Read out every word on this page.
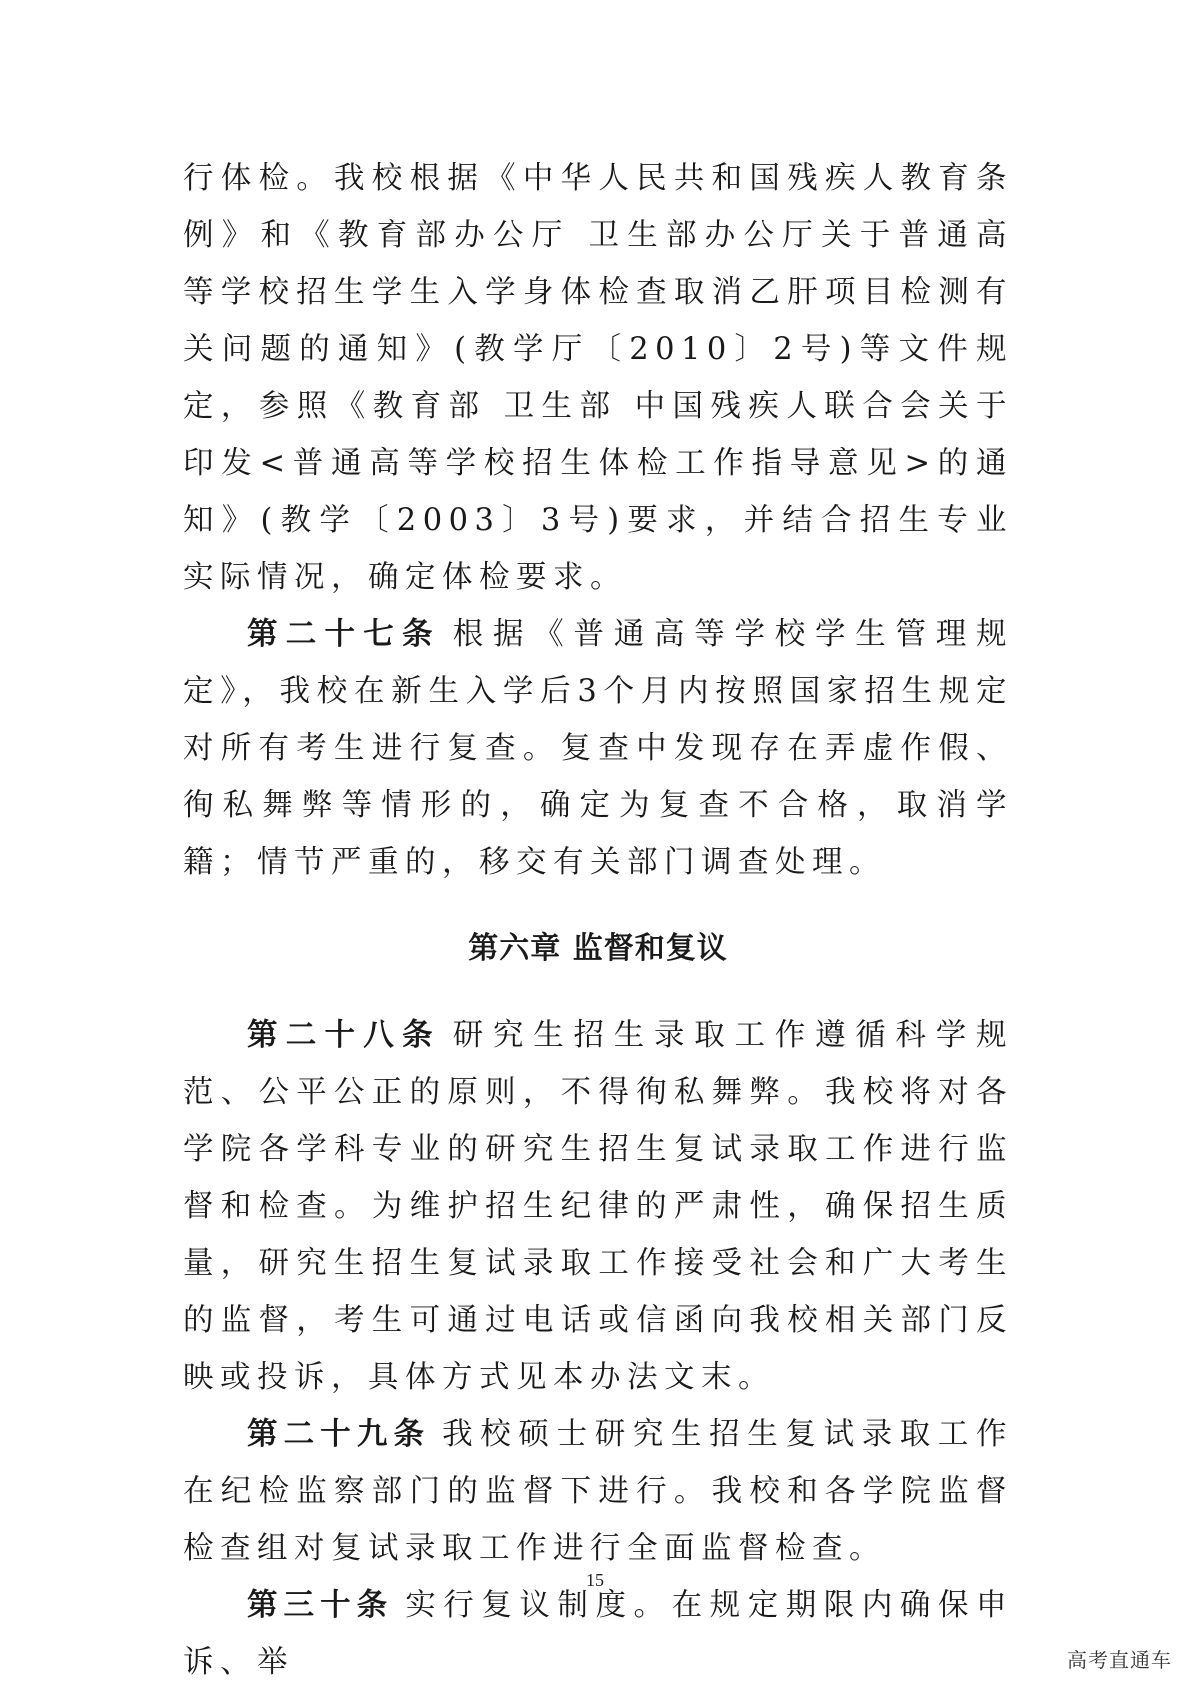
行体检。我校根据《中华人民共和国残疾人教育条例》和《教育部办公厅 卫生部办公厅关于普通高等学校招生学生入学身体检查取消乙肝项目检测有关问题的通知》(教学厅〔2010〕2号)等文件规定，参照《教育部 卫生部 中国残疾人联合会关于印发<普通高等学校招生体检工作指导意见>的通知》(教学〔2003〕3号)要求，并结合招生专业实际情况，确定体检要求。

第二十七条 根据《普通高等学校学生管理规定》，我校在新生入学后3个月内按照国家招生规定对所有考生进行复查。复查中发现存在弄虚作假、徇私舞弊等情形的，确定为复查不合格，取消学籍；情节严重的，移交有关部门调查处理。

第六章 监督和复议

第二十八条 研究生招生录取工作遵循科学规范、公平公正的原则，不得徇私舞弊。我校将对各学院各学科专业的研究生招生复试录取工作进行监督和检查。为维护招生纪律的严肃性，确保招生质量，研究生招生复试录取工作接受社会和广大考生的监督，考生可通过电话或信函向我校相关部门反映或投诉，具体方式见本办法文末。

第二十九条 我校硕士研究生招生复试录取工作在纪检监察部门的监督下进行。我校和各学院监督检查组对复试录取工作进行全面监督检查。

第三十条 实行复议制度。在规定期限内确保申诉、举

15
高考直通车
